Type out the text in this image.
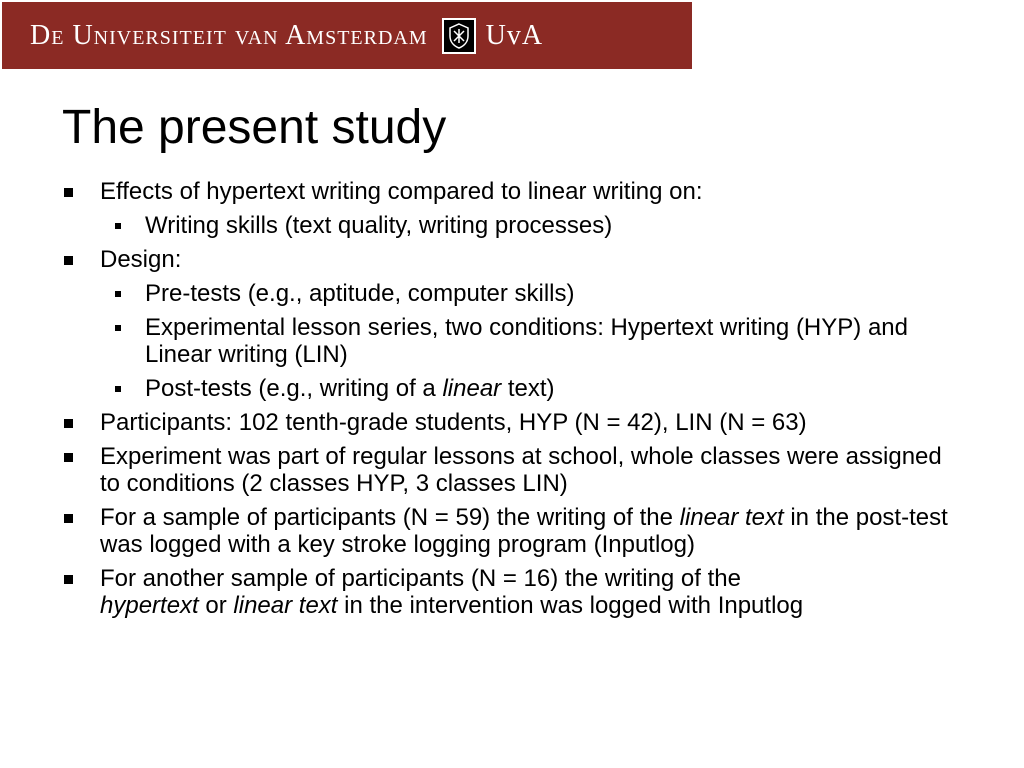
De Universiteit van Amsterdam UvA
The present study
Effects of hypertext writing compared to linear writing on:
Writing skills (text quality, writing processes)
Design:
Pre-tests (e.g., aptitude, computer skills)
Experimental lesson series, two conditions: Hypertext writing (HYP) and Linear writing (LIN)
Post-tests (e.g., writing of a linear text)
Participants: 102 tenth-grade students, HYP (N = 42), LIN (N = 63)
Experiment was part of regular lessons at school, whole classes were assigned to conditions (2 classes HYP, 3 classes LIN)
For a sample of participants (N = 59) the writing of the linear text in the post-test was logged with a key stroke logging program (Inputlog)
For another sample of participants (N = 16) the writing of the
hypertext or linear text in the intervention was logged with Inputlog
